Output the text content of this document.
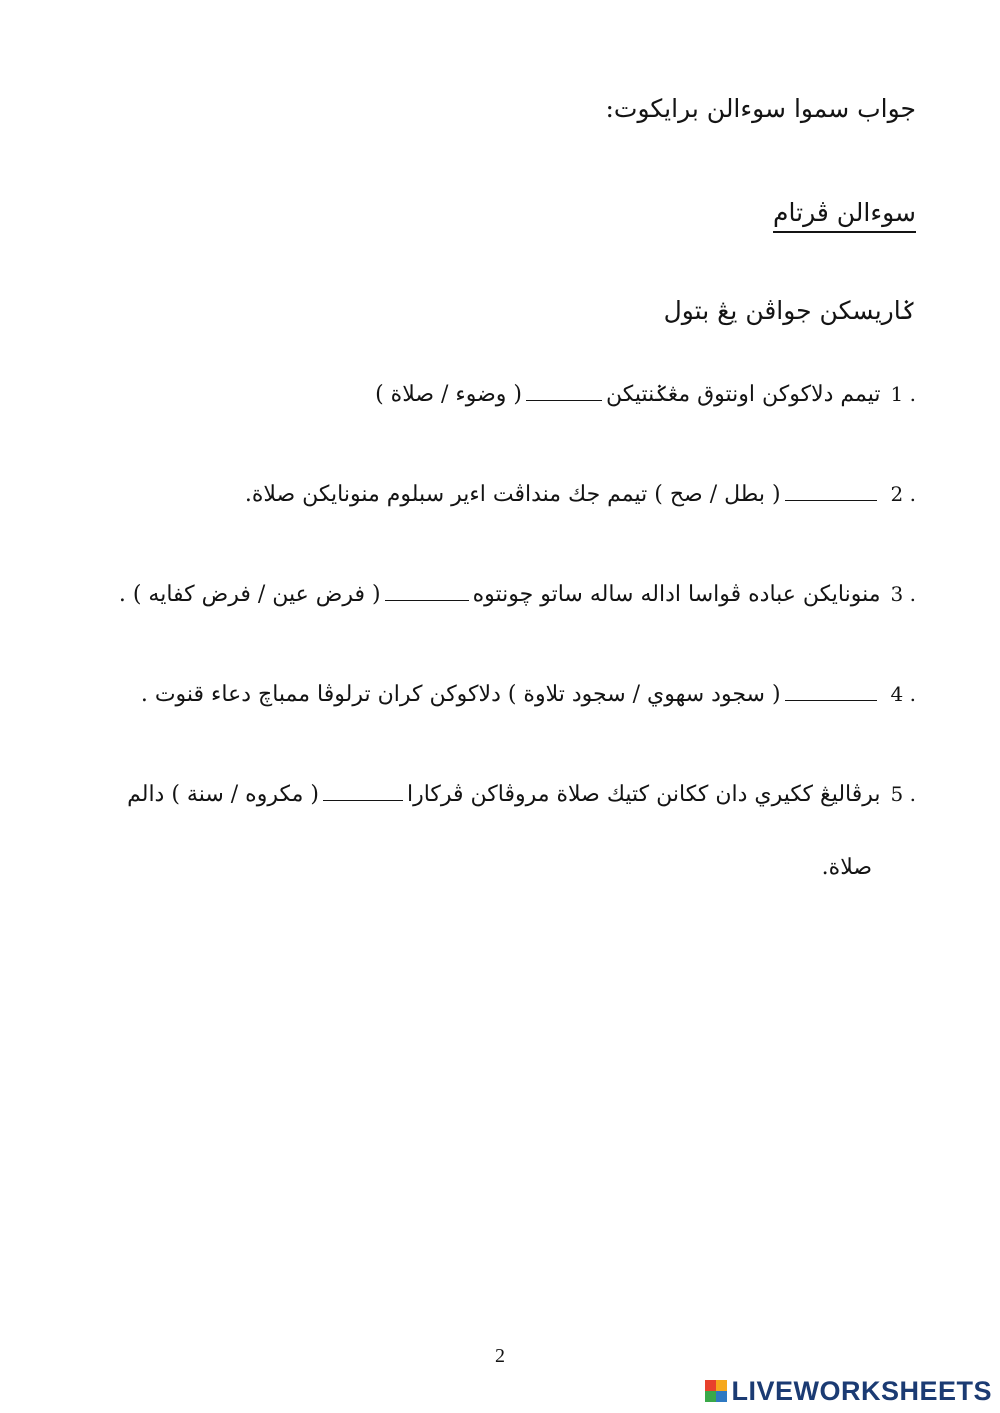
جواب سموا سوءالن برايكوت:
سوءالن ڤرتام
ݢاريسکن جواڤن يڠ بتول
1 .
تيمم دلاکوکن اونتوق مڠݢنتيکن
( وضوء / صلاة )
2 .
( بطل / صح ) تيمم جك منداڤت اءير سبلوم منونايکن صلاة.
3 .
منونايکن عباده ڤواسا اداله ساله ساتو چونتوه
( فرض عين / فرض کفايه ) .
4 .
( سجود سهوي / سجود تلاوة ) دلاکوکن کران ترلوڤا ممباچ دعاء قنوت .
5 .
برڤاليڠ ککيري دان ککانن کتيك صلاة مروڤاکن ڤرکارا
( مکروه / سنة ) دالم
صلاة.
2
LIVEWORKSHEETS
